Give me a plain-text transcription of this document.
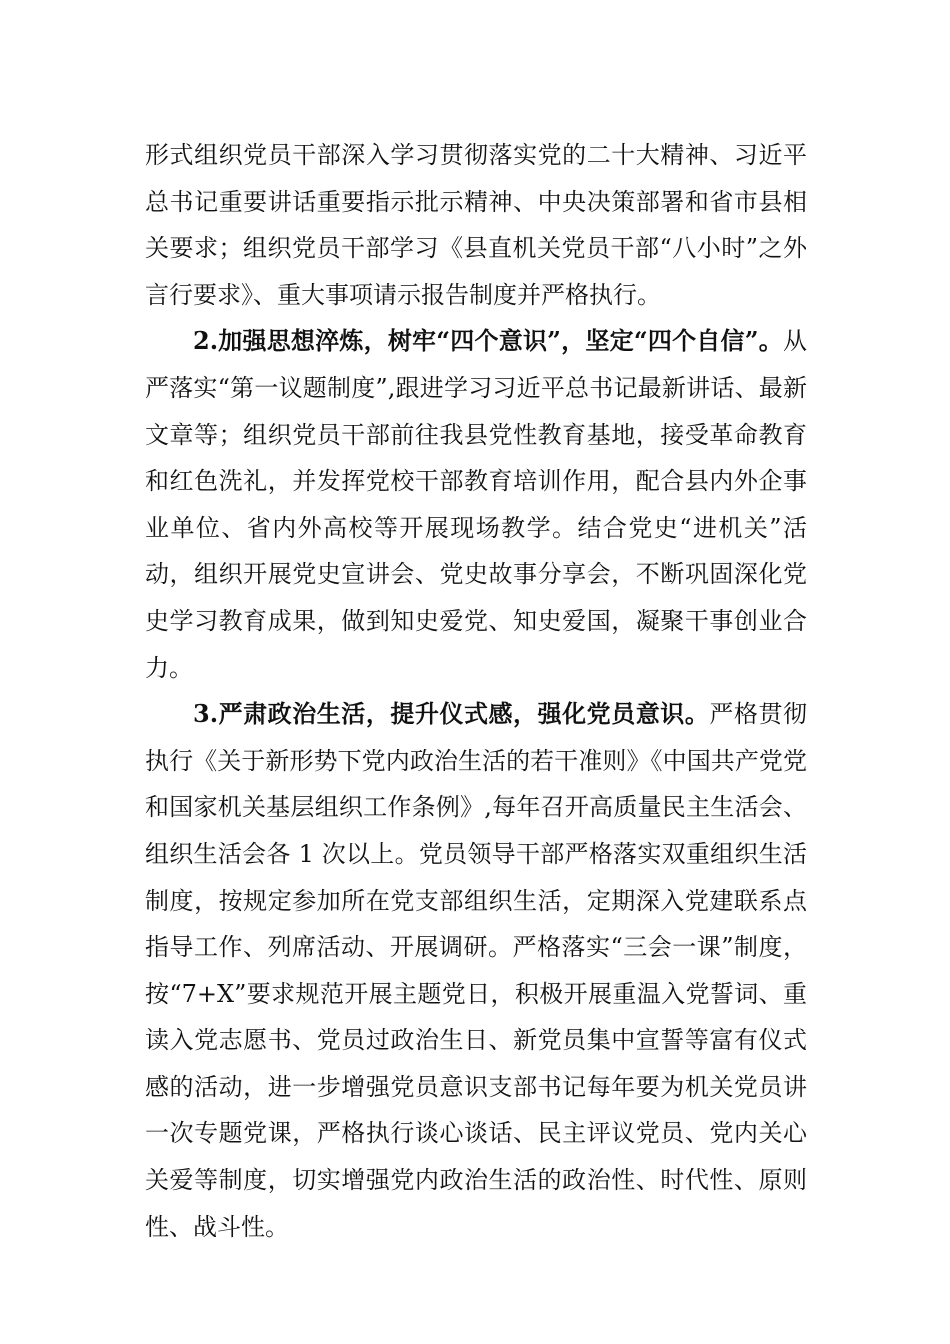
形式组织党员干部深入学习贯彻落实党的二十大精神、习近平总书记重要讲话重要指示批示精神、中央决策部署和省市县相关要求；组织党员干部学习《县直机关党员干部“八小时”之外言行要求》、重大事项请示报告制度并严格执行。

2.加强思想淬炼，树牢“四个意识”，坚定“四个自信”。从严落实“第一议题制度”,跟进学习习近平总书记最新讲话、最新文章等；组织党员干部前往我县党性教育基地，接受革命教育和红色洗礼，并发挥党校干部教育培训作用，配合县内外企事业单位、省内外高校等开展现场教学。结合党史“进机关”活动，组织开展党史宣讲会、党史故事分享会，不断巩固深化党史学习教育成果，做到知史爱党、知史爱国，凝聚干事创业合力。

3.严肃政治生活，提升仪式感，强化党员意识。严格贯彻执行《关于新形势下党内政治生活的若干准则》《中国共产党党和国家机关基层组织工作条例》,每年召开高质量民主生活会、组织生活会各 1 次以上。党员领导干部严格落实双重组织生活制度，按规定参加所在党支部组织生活，定期深入党建联系点指导工作、列席活动、开展调研。严格落实“三会一课”制度，按“7+X”要求规范开展主题党日，积极开展重温入党誓词、重读入党志愿书、党员过政治生日、新党员集中宣誓等富有仪式感的活动，进一步增强党员意识支部书记每年要为机关党员讲一次专题党课，严格执行谈心谈话、民主评议党员、党内关心关爱等制度，切实增强党内政治生活的政治性、时代性、原则性、战斗性。
